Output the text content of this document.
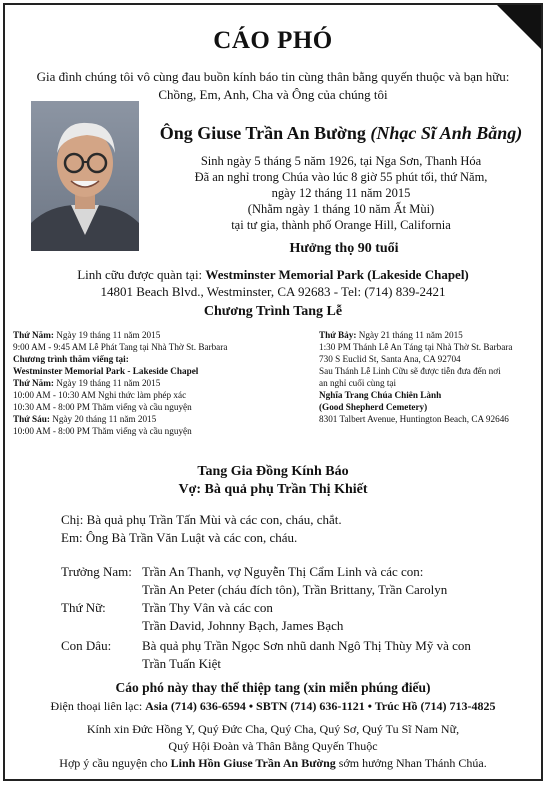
CÁO PHÓ
Gia đình chúng tôi vô cùng đau buồn kính báo tin cùng thân bằng quyến thuộc và bạn hữu:
Chồng, Em, Anh, Cha và Ông của chúng tôi
Ông Giuse Trần An Bường (Nhạc Sĩ Anh Bằng)
Sinh ngày 5 tháng 5 năm 1926, tại Nga Sơn, Thanh Hóa
Đã an nghỉ trong Chúa vào lúc 8 giờ 55 phút tối, thứ Năm,
ngày 12 tháng 11 năm 2015
(Nhằm ngày 1 tháng 10 năm Ất Mùi)
tại tư gia, thành phố Orange Hill, California
Hưởng thọ 90 tuổi
Linh cữu được quàn tại: Westminster Memorial Park (Lakeside Chapel)
14801 Beach Blvd., Westminster, CA 92683 - Tel: (714) 839-2421
Chương Trình Tang Lễ
Thứ Năm: Ngày 19 tháng 11 năm 2015
9:00 AM - 9:45 AM Lễ Phát Tang tại Nhà Thờ St. Barbara
Chương trình thăm viếng tại:
Westminster Memorial Park - Lakeside Chapel
Thứ Năm: Ngày 19 tháng 11 năm 2015
10:00 AM - 10:30 AM Nghi thức làm phép xác
10:30 AM - 8:00 PM Thăm viếng và cầu nguyện
Thứ Sáu: Ngày 20 tháng 11 năm 2015
10:00 AM - 8:00 PM Thăm viếng và cầu nguyện
Thứ Bảy: Ngày 21 tháng 11 năm 2015
1:30 PM Thánh Lễ An Táng tại Nhà Thờ St. Barbara
730 S Euclid St, Santa Ana, CA 92704
Sau Thánh Lễ Linh Cữu sẽ được tiễn đưa đến nơi
an nghỉ cuối cùng tại
Nghĩa Trang Chúa Chiên Lành
(Good Shepherd Cemetery)
8301 Talbert Avenue, Huntington Beach, CA 92646
Tang Gia Đồng Kính Báo
Vợ: Bà quả phụ Trần Thị Khiết
Chị: Bà quả phụ Trần Tấn Mùi và các con, cháu, chắt.
Em: Ông Bà Trần Văn Luật và các con, cháu.
Trưởng Nam: Trần An Thanh, vợ Nguyễn Thị Cẩm Linh và các con:
Trần An Peter (cháu đích tôn), Trần Brittany, Trần Carolyn
Thứ Nữ:	Trần Thy Vân và các con
Trần David, Johnny Bạch, James Bạch
Con Dâu: Bà quả phụ Trần Ngọc Sơn nhũ danh Ngô Thị Thùy Mỹ và con
Trần Tuấn Kiệt
Cáo phó này thay thế thiệp tang (xin miễn phúng điếu)
Điện thoại liên lạc: Asia (714) 636-6594 • SBTN (714) 636-1121 • Trúc Hồ (714) 713-4825
Kính xin Đức Hồng Y, Quý Đức Cha, Quý Cha, Quý Sơ, Quý Tu Sĩ Nam Nữ,
Quý Hội Đoàn và Thân Bằng Quyến Thuộc
Hợp ý cầu nguyện cho Linh Hồn Giuse Trần An Bường sớm hưởng Nhan Thánh Chúa.
